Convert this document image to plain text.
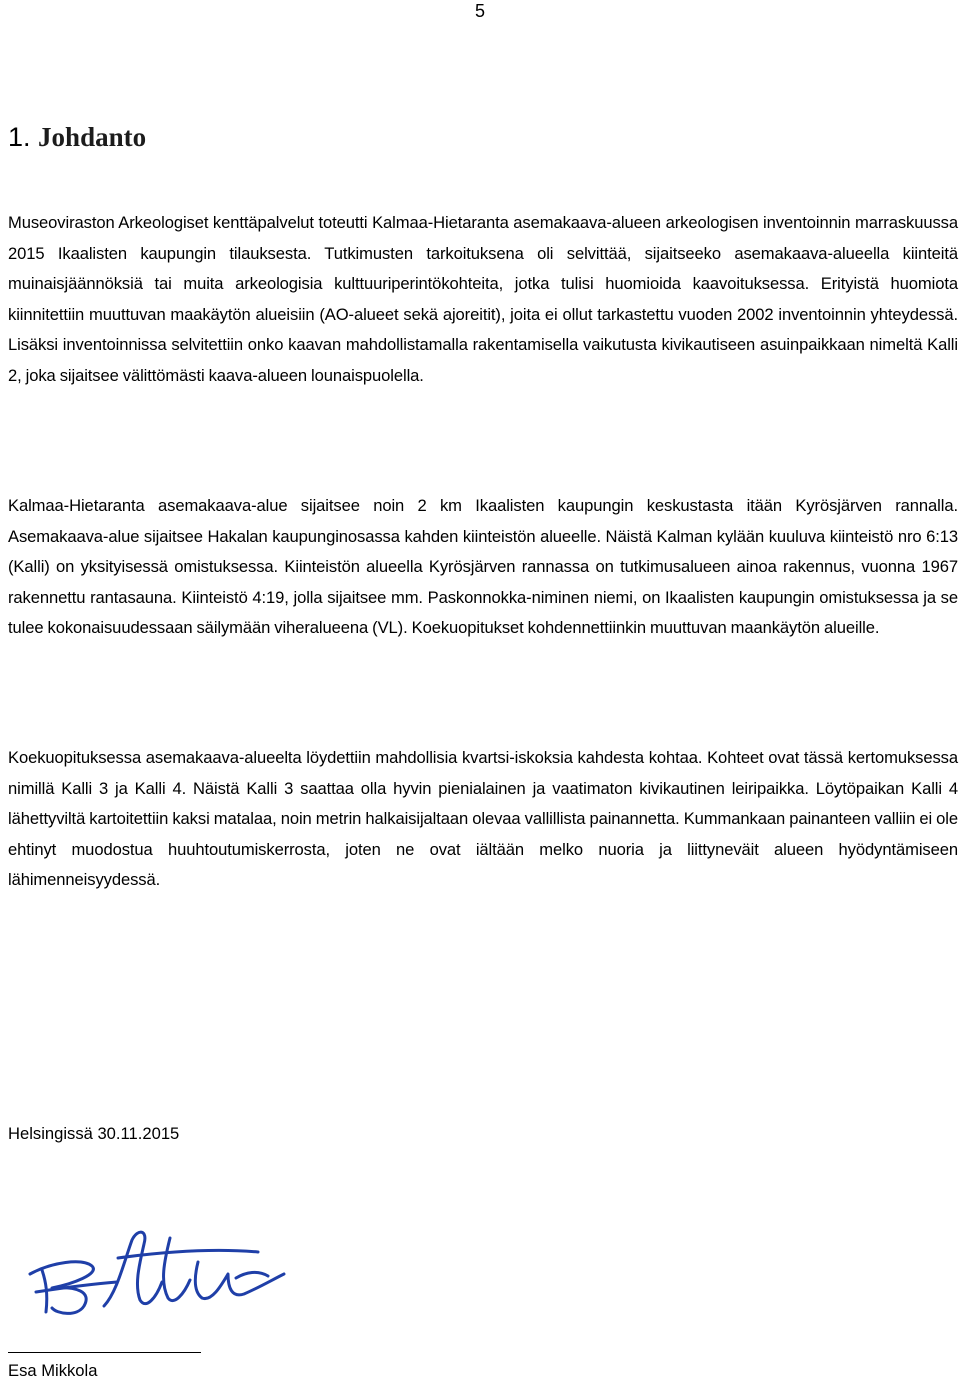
5
1. Johdanto

Museoviraston Arkeologiset kenttäpalvelut toteutti Kalmaa-Hietaranta asemakaava-alueen arkeologisen inventoinnin marraskuussa 2015 Ikaalisten kaupungin tilauksesta. Tutkimusten tarkoituksena oli selvittää, sijaitseeko asemakaava-alueella kiinteitä muinaisjäännöksiä tai muita arkeologisia kulttuuriperintökohteita, jotka tulisi huomioida kaavoituksessa. Erityistä huomiota kiinnitettiin muuttuvan maakäytön alueisiin (AO-alueet sekä ajoreitit), joita ei ollut tarkastettu vuoden 2002 inventoinnin yhteydessä. Lisäksi inventoinnissa selvitettiin onko kaavan mahdollistamalla rakentamisella vaikutusta kivikautiseen asuinpaikkaan nimeltä Kalli 2, joka sijaitsee välittömästi kaava-alueen lounaispuolella.

Kalmaa-Hietaranta asemakaava-alue sijaitsee noin 2 km Ikaalisten kaupungin keskustasta itään Kyrösjärven rannalla. Asemakaava-alue sijaitsee Hakalan kaupunginosassa kahden kiinteistön alueelle. Näistä Kalman kylään kuuluva kiinteistö nro 6:13 (Kalli) on yksityisessä omistuksessa. Kiinteistön alueella Kyrösjärven rannassa on tutkimusalueen ainoa rakennus, vuonna 1967 rakennettu rantasauna. Kiinteistö 4:19, jolla sijaitsee mm. Paskonnokka-niminen niemi, on Ikaalisten kaupungin omistuksessa ja se tulee kokonaisuudessaan säilymään viheralueena (VL). Koekuopitukset kohdennettiinkin muuttuvan maankäytön alueille.

Koekuopituksessa asemakaava-alueelta löydettiin mahdollisia kvartsi-iskoksia kahdesta kohtaa. Kohteet ovat tässä kertomuksessa nimillä Kalli 3 ja Kalli 4. Näistä Kalli 3 saattaa olla hyvin pienialainen ja vaatimaton kivikautinen leiripaikka. Löytöpaikan Kalli 4 lähettyviltä kartoitettiin kaksi matalaa, noin metrin halkaisijaltaan olevaa vallillista painannetta. Kummankaan painanteen valliin ei ole ehtinyt muodostua huuhtoutumiskerrosta, joten ne ovat iältään melko nuoria ja liittyneväit alueen hyödyntämiseen lähimenneisyydessä.

Helsingissä 30.11.2015

Esa Mikkola
